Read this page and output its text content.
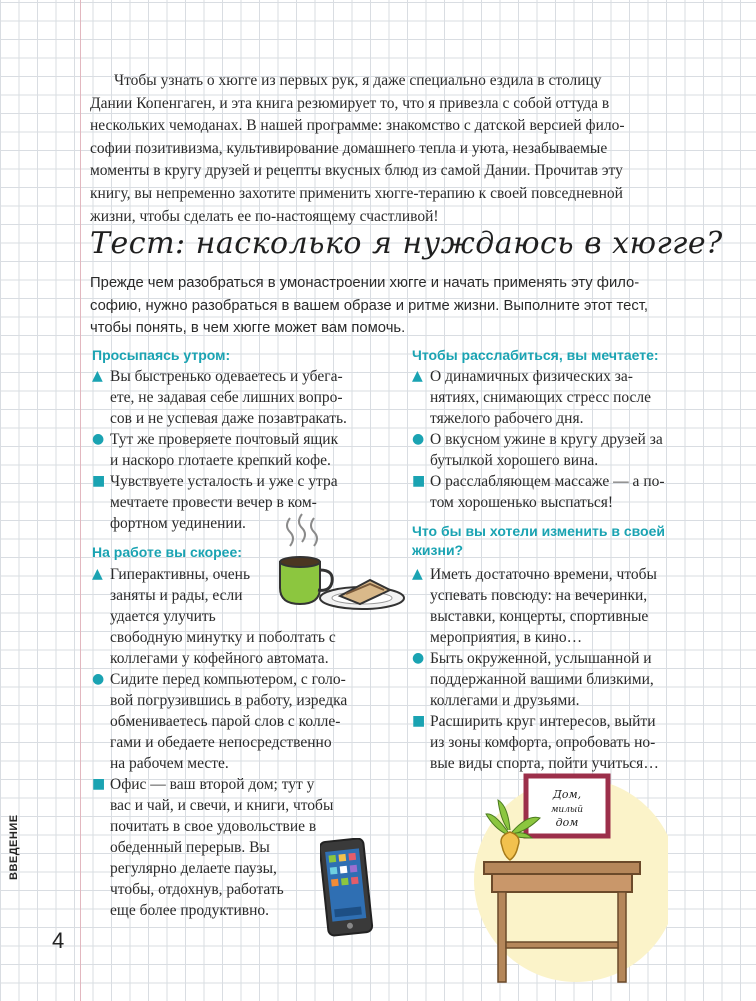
Чтобы узнать о хюгге из первых рук, я даже специально ездила в столицу
Дании Копенгаген, и эта книга резюмирует то, что я привезла с собой оттуда в
нескольких чемоданах. В нашей программе: знакомство с датской версией фило-
софии позитивизма, культивирование домашнего тепла и уюта, незабываемые
моменты в кругу друзей и рецепты вкусных блюд из самой Дании. Прочитав эту
книгу, вы непременно захотите применить хюгге-терапию к своей повседневной
жизни, чтобы сделать ее по-настоящему счастливой!
Тест: насколько я нуждаюсь в хюгге?
Прежде чем разобраться в умонастроении хюгге и начать применять эту фило-
софию, нужно разобраться в вашем образе и ритме жизни. Выполните этот тест,
чтобы понять, в чем хюгге может вам помочь.
Просыпаясь утром:
▲ Вы быстренько одеваетесь и убега-
ете, не задавая себе лишних вопро-
сов и не успевая даже позавтракать.
● Тут же проверяете почтовый ящик
и наскоро глотаете крепкий кофе.
■ Чувствуете усталость и уже с утра
мечтаете провести вечер в ком-
фортном уединении.
На работе вы скорее:
▲ Гиперактивны, очень
заняты и рады, если
удается улучить
свободную минутку и поболтать с
коллегами у кофейного автомата.
● Сидите перед компьютером, с голо-
вой погрузившись в работу, изредка
обмениваетесь парой слов с колле-
гами и обедаете непосредственно
на рабочем месте.
■ Офис — ваш второй дом; тут у
вас и чай, и свечи, и книги, чтобы
почитать в свое удовольствие в
обеденный перерыв. Вы
регулярно делаете паузы,
чтобы, отдохнув, работать
еще более продуктивно.
Чтобы расслабиться, вы мечтаете:
▲ О динамичных физических за-
нятиях, снимающих стресс после
тяжелого рабочего дня.
● О вкусном ужине в кругу друзей за
бутылкой хорошего вина.
■ О расслабляющем массаже — а по-
том хорошенько выспаться!
Что бы вы хотели изменить в своей
жизни?
▲ Иметь достаточно времени, чтобы
успевать повсюду: на вечеринки,
выставки, концерты, спортивные
мероприятия, в кино…
● Быть окруженной, услышанной и
поддержанной вашими близкими,
коллегами и друзьями.
■ Расширить круг интересов, выйти
из зоны комфорта, опробовать но-
вые виды спорта, пойти учиться…
Дом,
милый
дом
ВВЕДЕНИЕ
4
